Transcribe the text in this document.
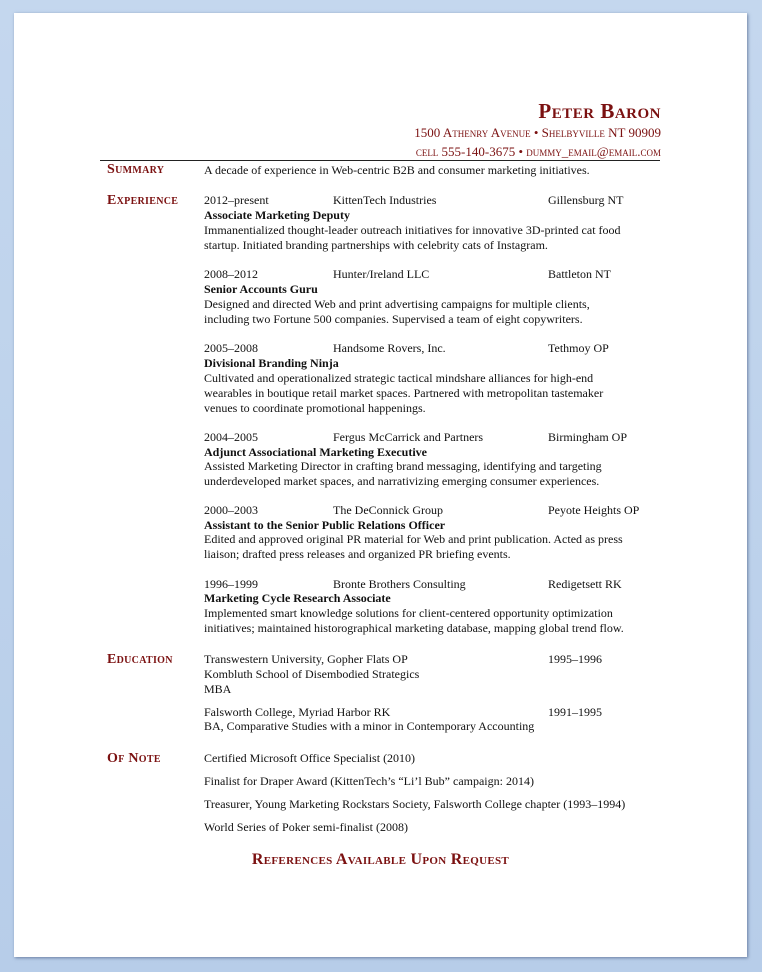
Peter Baron
1500 Athenry Avenue • Shelbyville NT 90909
cell 555-140-3675 • dummy_email@email.com
Summary	A decade of experience in Web-centric B2B and consumer marketing initiatives.
Experience 2012–present	KittenTech Industries	Gillensburg NT
Associate Marketing Deputy
Immanentialized thought-leader outreach initiatives for innovative 3D-printed cat food
startup. Initiated branding partnerships with celebrity cats of Instagram.
2008–2012	Hunter/Ireland LLC	Battleton NT
Senior Accounts Guru
Designed and directed Web and print advertising campaigns for multiple clients,
including two Fortune 500 companies. Supervised a team of eight copywriters.
2005–2008	Handsome Rovers, Inc.	Tethmoy OP
Divisional Branding Ninja
Cultivated and operationalized strategic tactical mindshare alliances for high-end
wearables in boutique retail market spaces. Partnered with metropolitan tastemaker
venues to coordinate promotional happenings.
2004–2005	Fergus McCarrick and Partners	Birmingham OP
Adjunct Associational Marketing Executive
Assisted Marketing Director in crafting brand messaging, identifying and targeting
underdeveloped market spaces, and narrativizing emerging consumer experiences.
2000–2003	The DeConnick Group	Peyote Heights OP
Assistant to the Senior Public Relations Officer
Edited and approved original PR material for Web and print publication. Acted as press
liaison; drafted press releases and organized PR briefing events.
1996–1999	Bronte Brothers Consulting	Redigetsett RK
Marketing Cycle Research Associate
Implemented smart knowledge solutions for client-centered opportunity optimization
initiatives; maintained historographical marketing database, mapping global trend flow.
Education	Transwestern University, Gopher Flats OP	1995–1996
Kombluth School of Disembodied Strategics
MBA
Falsworth College, Myriad Harbor RK	1991–1995
BA, Comparative Studies with a minor in Contemporary Accounting
Of Note	Certified Microsoft Office Specialist (2010)
Finalist for Draper Award (KittenTech’s “Li’l Bub” campaign: 2014)
Treasurer, Young Marketing Rockstars Society, Falsworth College chapter (1993–1994)
World Series of Poker semi-finalist (2008)
References Available Upon Request
